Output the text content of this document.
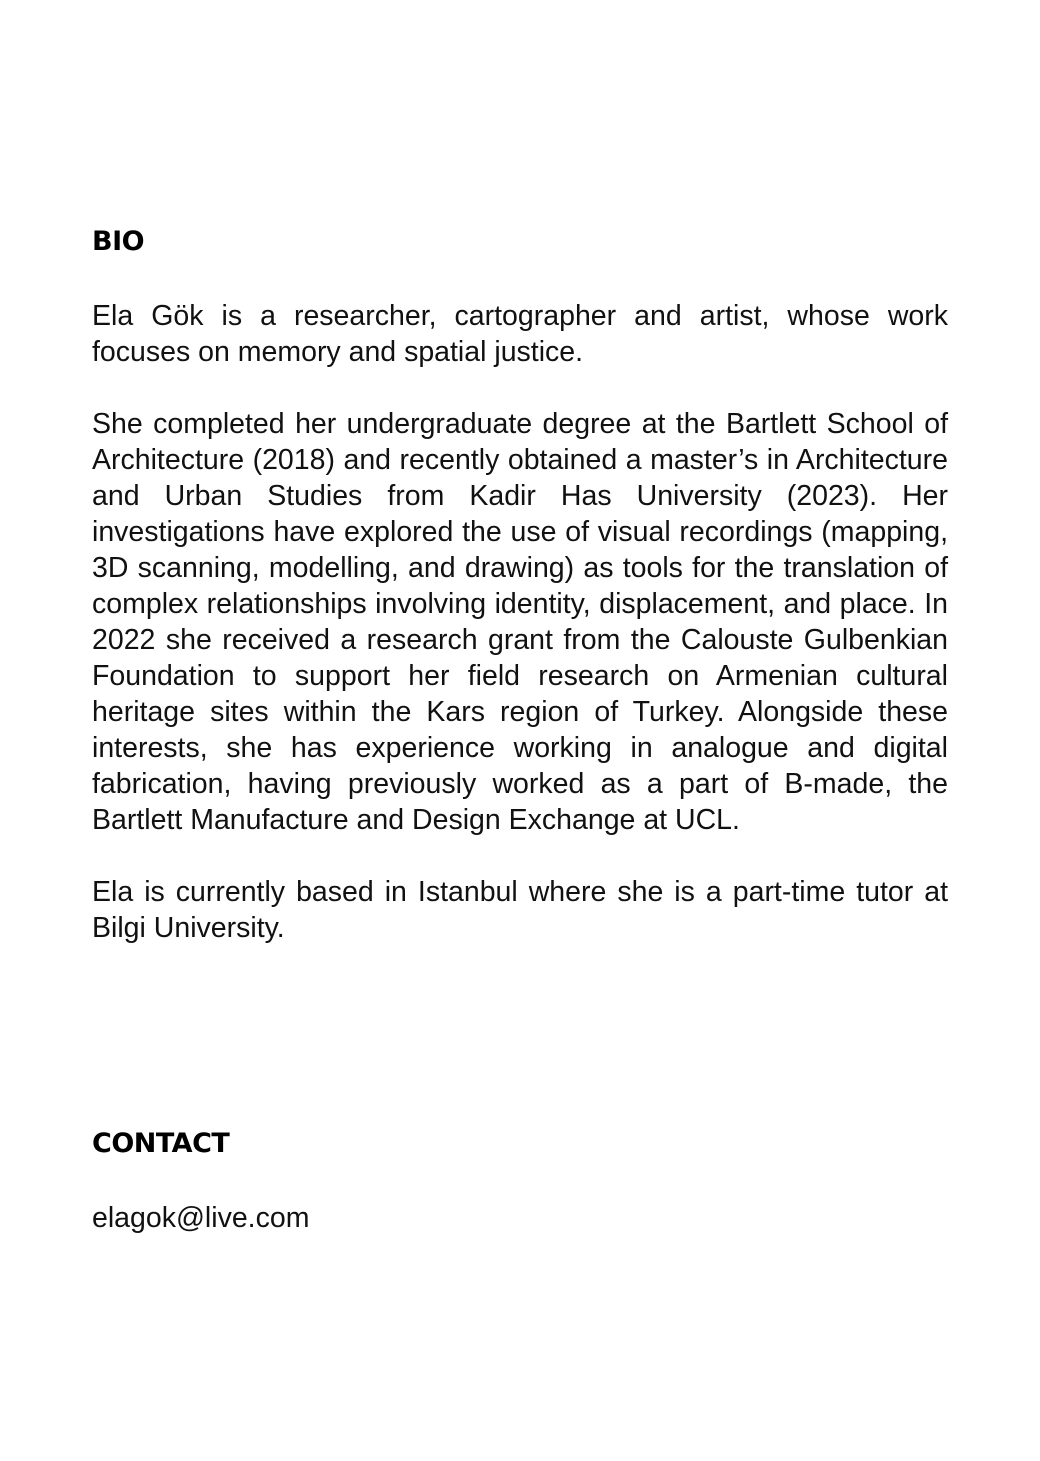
BIO

Ela Gök is a researcher, cartographer and artist, whose work focuses on memory and spatial justice.

She completed her undergraduate degree at the Bartlett School of Architecture (2018) and recently obtained a master’s in Architecture and Urban Studies from Kadir Has University (2023). Her investigations have explored the use of visual recordings (mapping, 3D scanning, modelling, and drawing) as tools for the translation of complex relationships involving identity, displacement, and place. In 2022 she received a research grant from the Calouste Gulbenkian Foundation to support her field research on Armenian cultural heritage sites within the Kars region of Turkey. Alongside these interests, she has experience working in analogue and digital fabrication, having previously worked as a part of B-made, the Bartlett Manufacture and Design Exchange at UCL.

Ela is currently based in Istanbul where she is a part-time tutor at Bilgi University.

CONTACT
elagok@live.com
